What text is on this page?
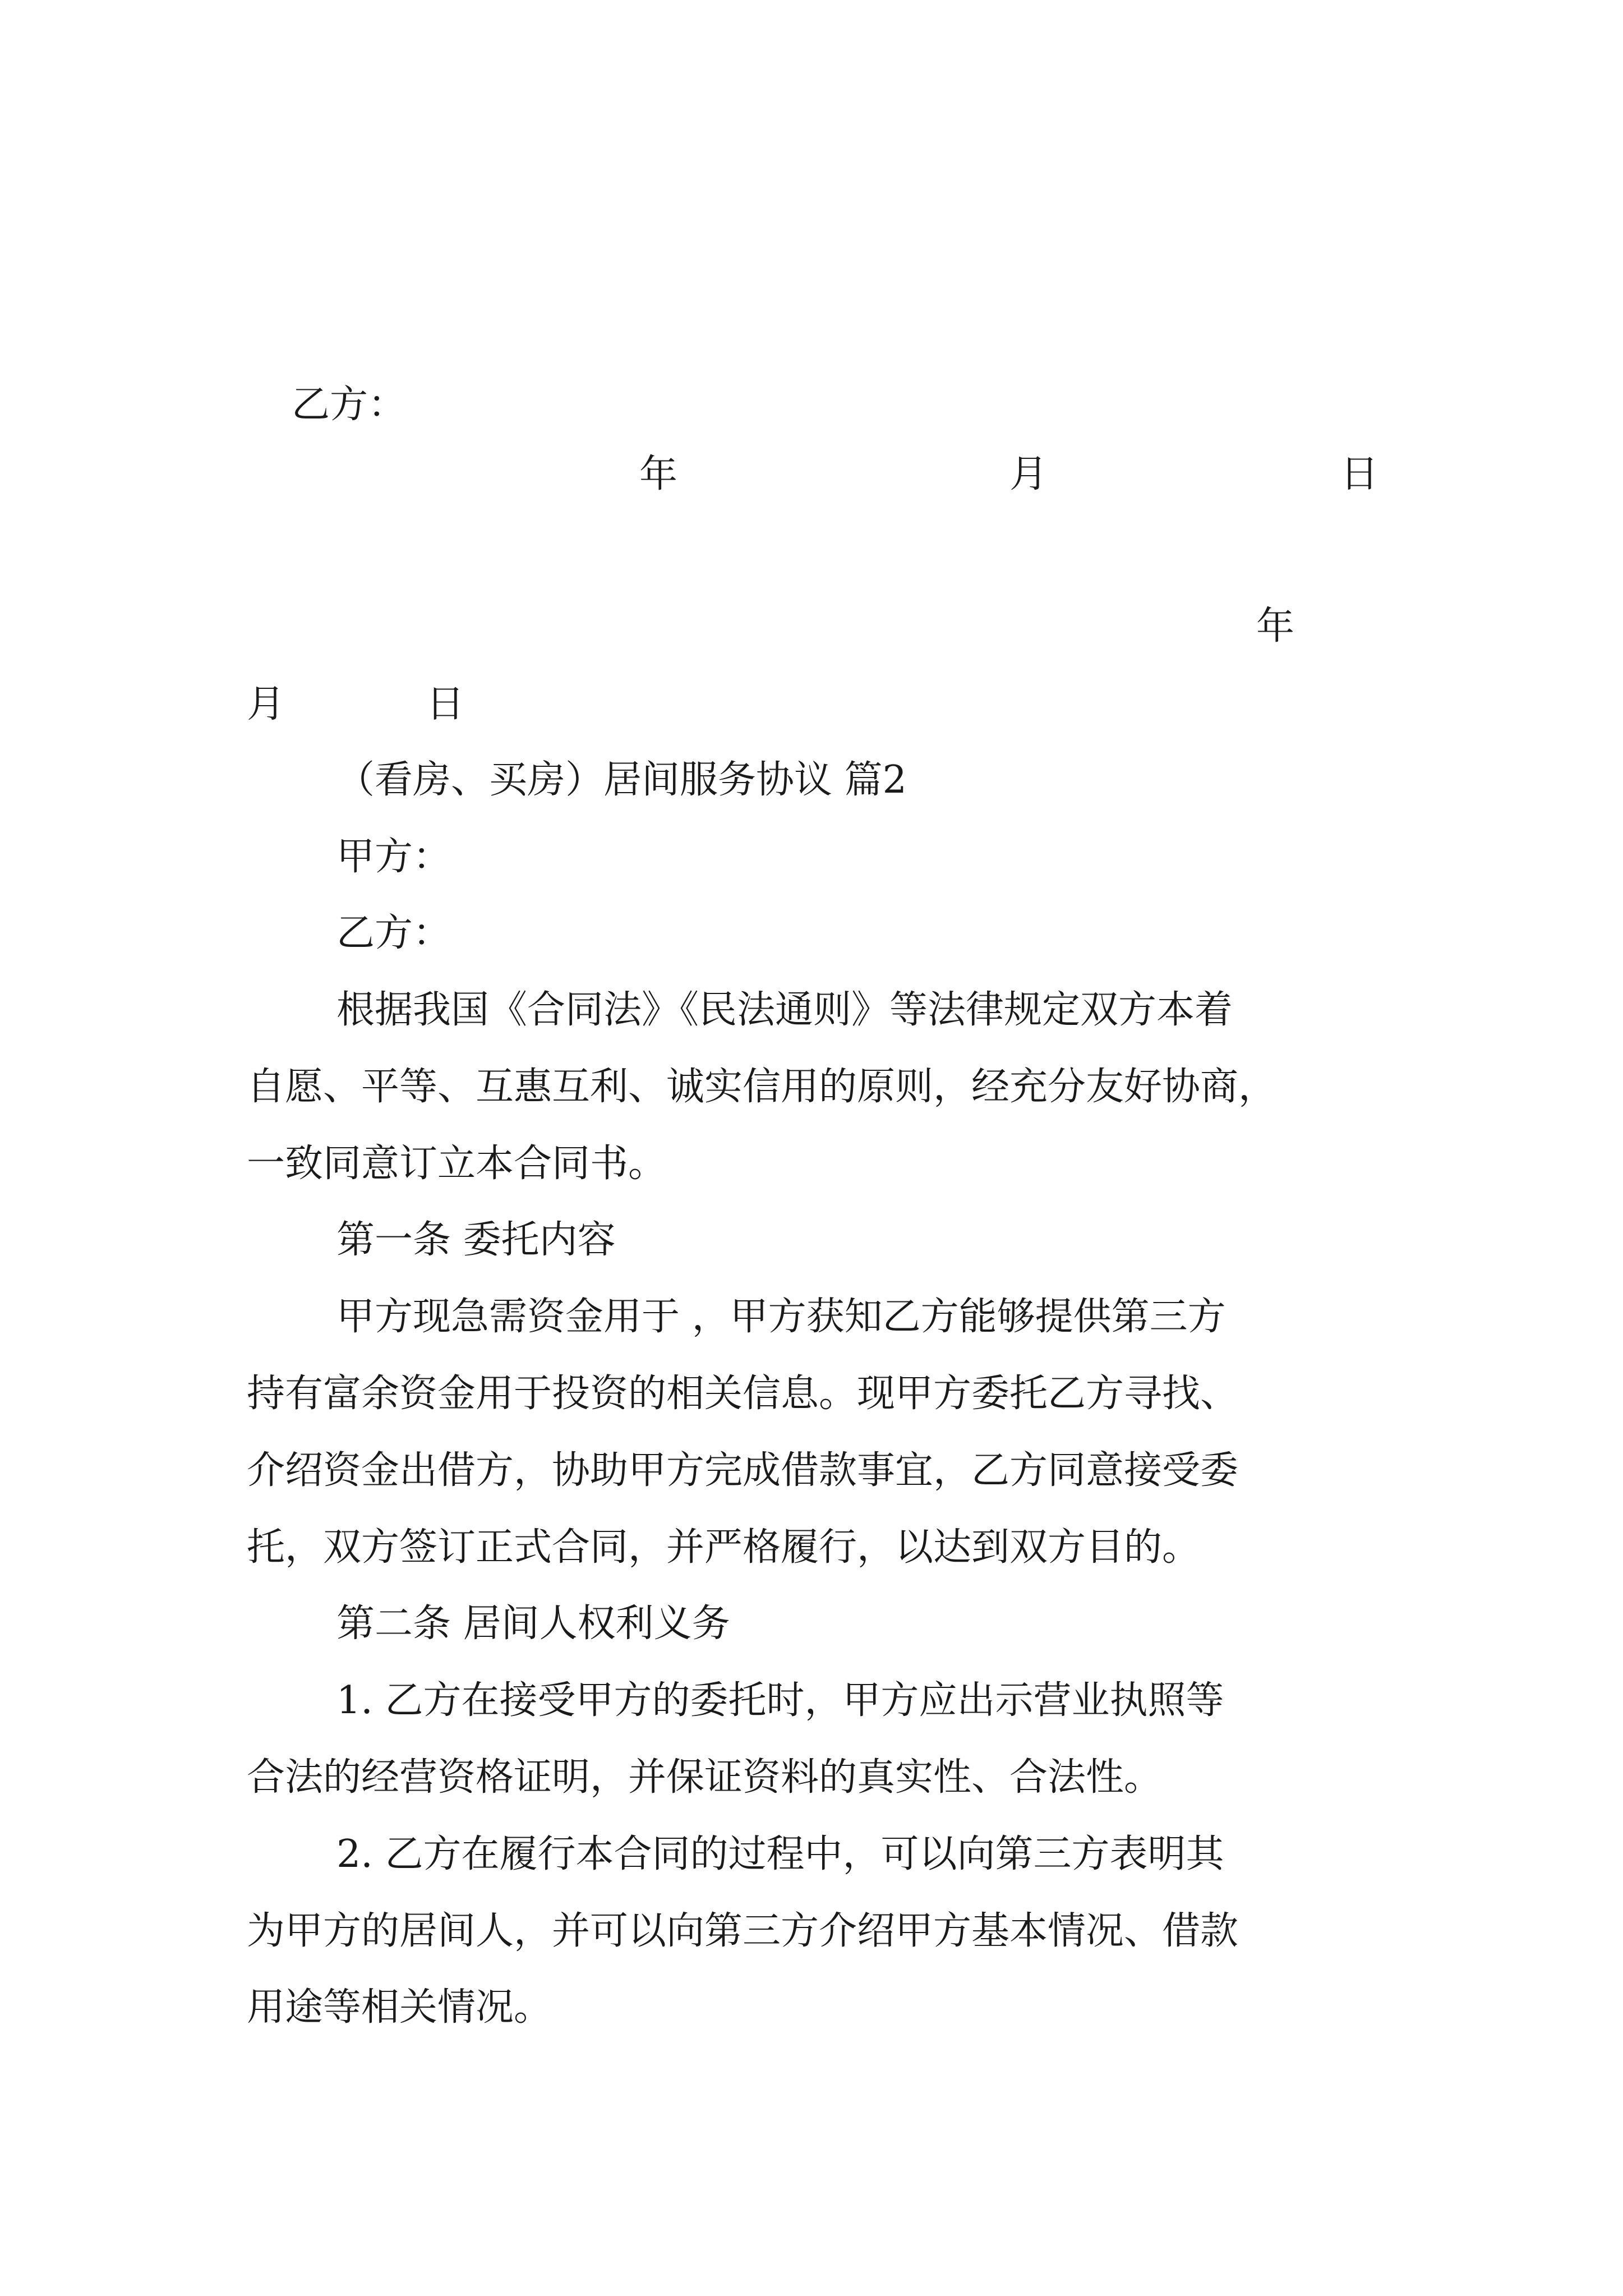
乙方：
年	月	日
年
月	日
（看房、买房）居间服务协议 篇2
甲方：
乙方：
根据我国《合同法》《民法通则》等法律规定双方本着
自愿、平等、互惠互利、诚实信用的原则，经充分友好协商，
一致同意订立本合同书。
第一条 委托内容
甲方现急需资金用于 ，甲方获知乙方能够提供第三方
持有富余资金用于投资的相关信息。现甲方委托乙方寻找、
介绍资金出借方，协助甲方完成借款事宜，乙方同意接受委
托，双方签订正式合同，并严格履行，以达到双方目的。
第二条 居间人权利义务
1. 乙方在接受甲方的委托时，甲方应出示营业执照等
合法的经营资格证明，并保证资料的真实性、合法性。
2. 乙方在履行本合同的过程中，可以向第三方表明其
为甲方的居间人，并可以向第三方介绍甲方基本情况、借款
用途等相关情况。
